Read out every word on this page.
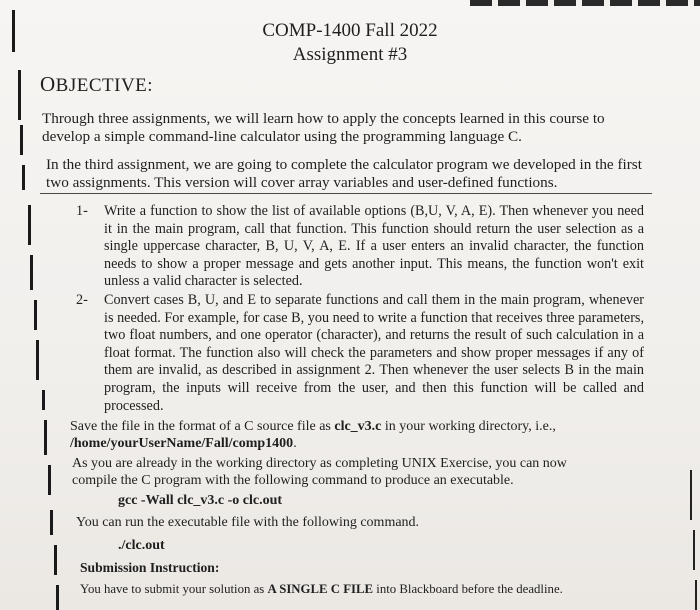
COMP-1400 Fall 2022
Assignment #3
OBJECTIVE:
Through three assignments, we will learn how to apply the concepts learned in this course to
develop a simple command-line calculator using the programming language C.
In the third assignment, we are going to complete the calculator program we developed in the first
two assignments. This version will cover array variables and user-defined functions.
1- Write a function to show the list of available options (B,U, V, A, E). Then whenever you need it in the main program, call that function. This function should return the user selection as a single uppercase character, B, U, V, A, E. If a user enters an invalid character, the function needs to show a proper message and gets another input. This means, the function won't exit unless a valid character is selected.
2- Convert cases B, U, and E to separate functions and call them in the main program, whenever is needed. For example, for case B, you need to write a function that receives three parameters, two float numbers, and one operator (character), and returns the result of such calculation in a float format. The function also will check the parameters and show proper messages if any of them are invalid, as described in assignment 2. Then whenever the user selects B in the main program, the inputs will receive from the user, and then this function will be called and processed.
Save the file in the format of a C source file as clc_v3.c in your working directory, i.e.,
/home/yourUserName/Fall/comp1400.
As you are already in the working directory as completing UNIX Exercise, you can now
compile the C program with the following command to produce an executable.
gcc -Wall clc_v3.c -o clc.out
You can run the executable file with the following command.
./clc.out
Submission Instruction:
You have to submit your solution as A SINGLE C FILE into Blackboard before the deadline.
